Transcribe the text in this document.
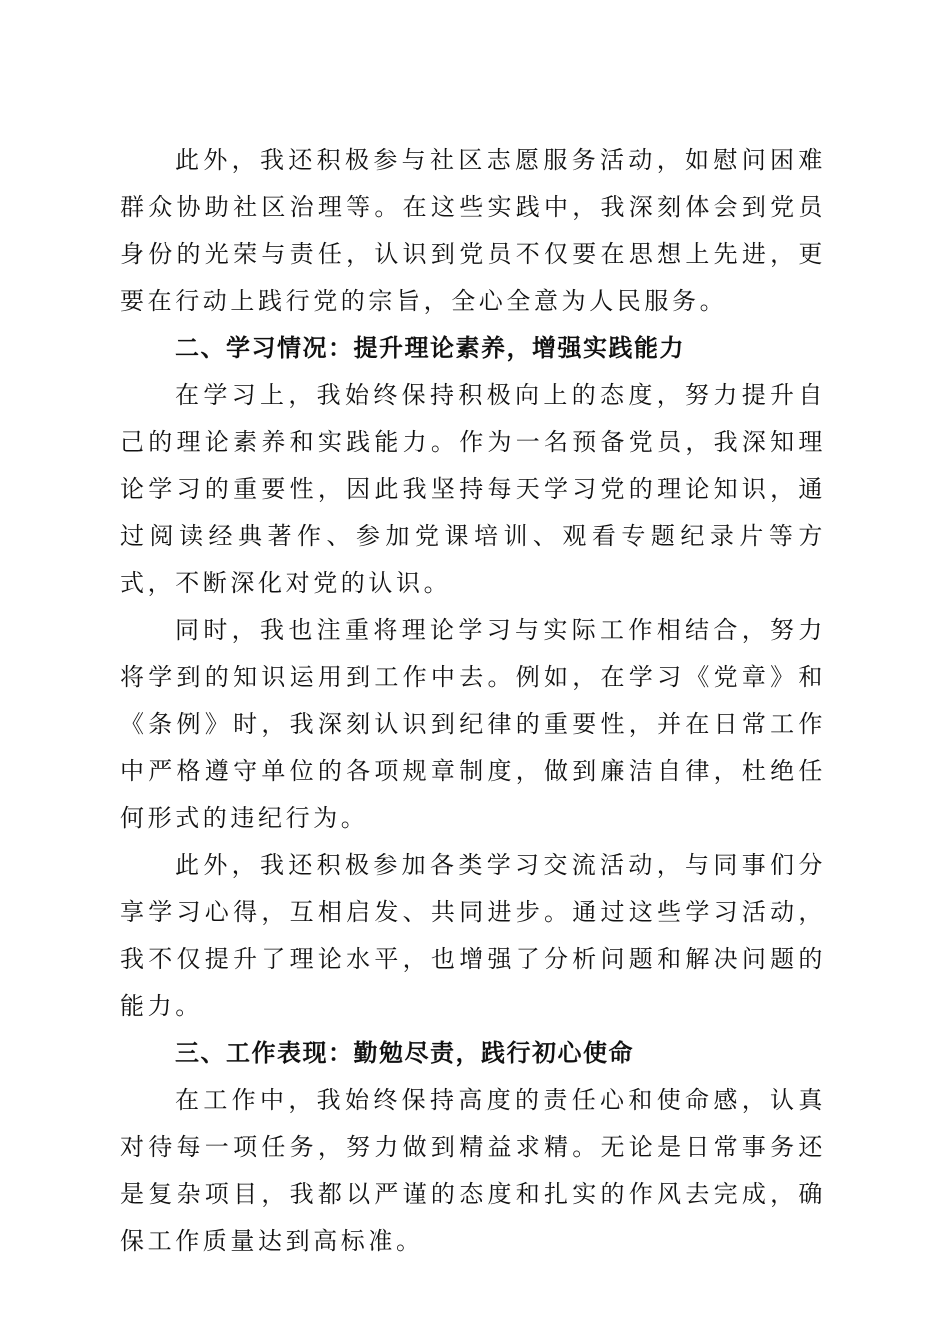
此外，我还积极参与社区志愿服务活动，如慰问困难群众协助社区治理等。在这些实践中，我深刻体会到党员身份的光荣与责任，认识到党员不仅要在思想上先进，更要在行动上践行党的宗旨，全心全意为人民服务。

二、学习情况：提升理论素养，增强实践能力

在学习上，我始终保持积极向上的态度，努力提升自己的理论素养和实践能力。作为一名预备党员，我深知理论学习的重要性，因此我坚持每天学习党的理论知识，通过阅读经典著作、参加党课培训、观看专题纪录片等方式，不断深化对党的认识。

同时，我也注重将理论学习与实际工作相结合，努力将学到的知识运用到工作中去。例如，在学习《党章》和《条例》时，我深刻认识到纪律的重要性，并在日常工作中严格遵守单位的各项规章制度，做到廉洁自律，杜绝任何形式的违纪行为。

此外，我还积极参加各类学习交流活动，与同事们分享学习心得，互相启发、共同进步。通过这些学习活动，我不仅提升了理论水平，也增强了分析问题和解决问题的能力。

三、工作表现：勤勉尽责，践行初心使命

在工作中，我始终保持高度的责任心和使命感，认真对待每一项任务，努力做到精益求精。无论是日常事务还是复杂项目，我都以严谨的态度和扎实的作风去完成，确保工作质量达到高标准。
